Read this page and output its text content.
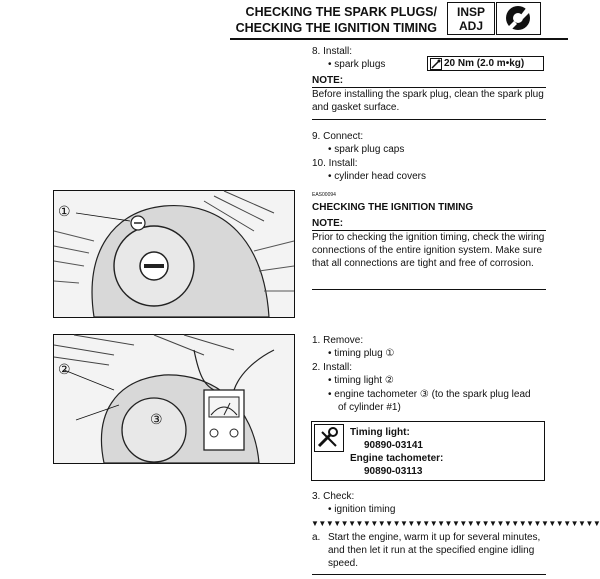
CHECKING THE SPARK PLUGS/
CHECKING THE IGNITION TIMING
INSP
ADJ
8. Install:
• spark plugs	20 Nm (2.0 m•kg)
NOTE:
Before installing the spark plug, clean the spark plug and gasket surface.
9. Connect:
• spark plug caps
10. Install:
• cylinder head covers
EAS00094
CHECKING THE IGNITION TIMING
NOTE:
Prior to checking the ignition timing, check the wiring connections of the entire ignition system. Make sure that all connections are tight and free of corrosion.
1. Remove:
• timing plug ①
2. Install:
• timing light ②
• engine tachometer ③ (to the spark plug lead
of cylinder #1)
Timing light:
90890-03141
Engine tachometer:
90890-03113
3. Check:
• ignition timing
▼▼▼▼▼▼▼▼▼▼▼▼▼▼▼▼▼▼▼▼▼▼▼▼▼▼▼▼▼▼▼▼▼▼▼▼▼▼▼
a. Start the engine, warm it up for several minutes, and then let it run at the specified engine idling speed.
①
②
③
